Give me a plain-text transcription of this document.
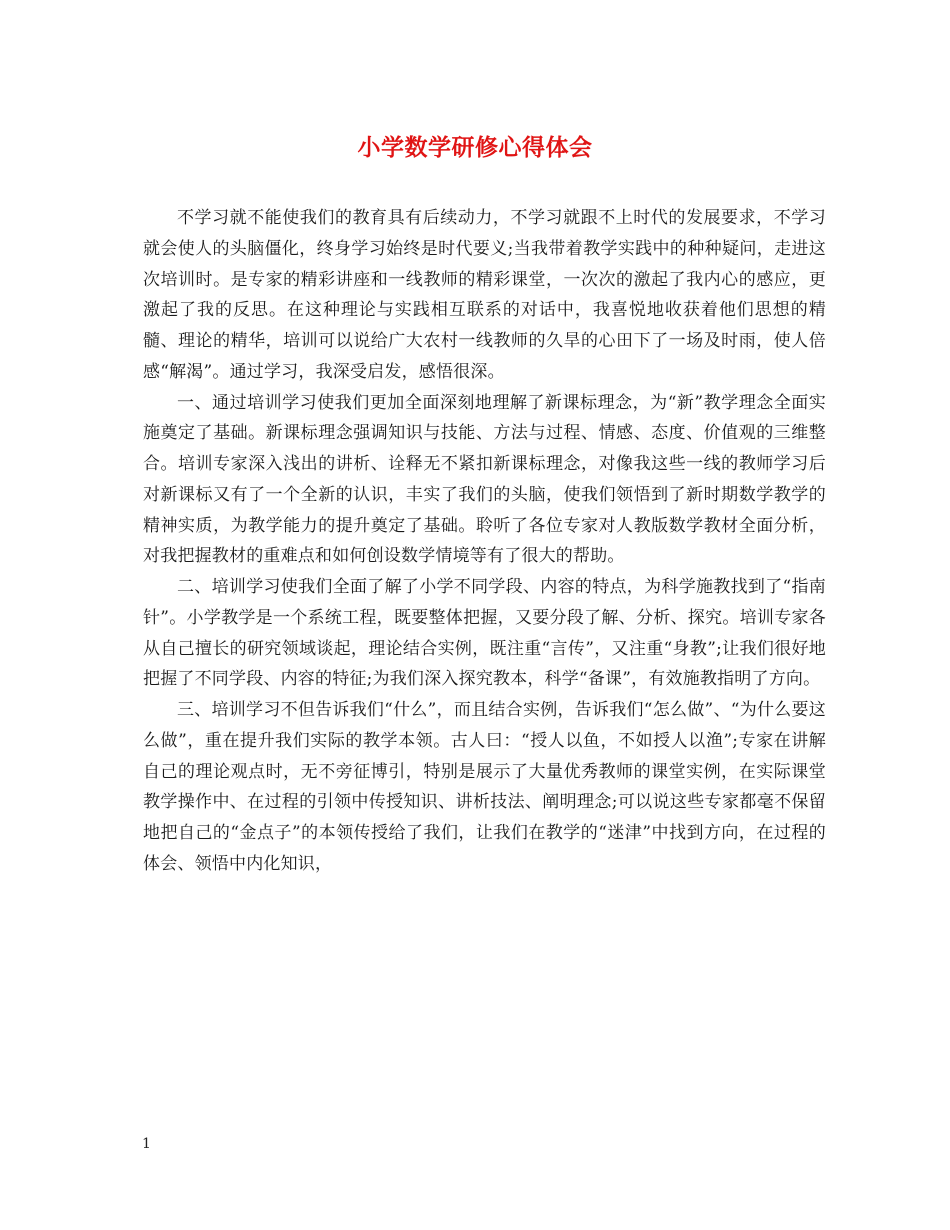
小学数学研修心得体会

不学习就不能使我们的教育具有后续动力，不学习就跟不上时代的发展要求，不学习就会使人的头脑僵化，终身学习始终是时代要义;当我带着教学实践中的种种疑问，走进这次培训时。是专家的精彩讲座和一线教师的精彩课堂，一次次的激起了我内心的感应，更激起了我的反思。在这种理论与实践相互联系的对话中，我喜悦地收获着他们思想的精髓、理论的精华，培训可以说给广大农村一线教师的久旱的心田下了一场及时雨，使人倍感“解渴”。通过学习，我深受启发，感悟很深。

一、通过培训学习使我们更加全面深刻地理解了新课标理念，为“新”教学理念全面实施奠定了基础。新课标理念强调知识与技能、方法与过程、情感、态度、价值观的三维整合。培训专家深入浅出的讲析、诠释无不紧扣新课标理念，对像我这些一线的教师学习后对新课标又有了一个全新的认识，丰实了我们的头脑，使我们领悟到了新时期数学教学的精神实质，为教学能力的提升奠定了基础。聆听了各位专家对人教版数学教材全面分析，对我把握教材的重难点和如何创设数学情境等有了很大的帮助。

二、培训学习使我们全面了解了小学不同学段、内容的特点，为科学施教找到了“指南针”。小学教学是一个系统工程，既要整体把握，又要分段了解、分析、探究。培训专家各从自己擅长的研究领域谈起，理论结合实例，既注重“言传”，又注重“身教”;让我们很好地把握了不同学段、内容的特征;为我们深入探究教本，科学“备课”，有效施教指明了方向。

三、培训学习不但告诉我们“什么”，而且结合实例，告诉我们“怎么做”、“为什么要这么做”，重在提升我们实际的教学本领。古人曰：“授人以鱼，不如授人以渔”;专家在讲解自己的理论观点时，无不旁征博引，特别是展示了大量优秀教师的课堂实例，在实际课堂教学操作中、在过程的引领中传授知识、讲析技法、阐明理念;可以说这些专家都毫不保留地把自己的“金点子”的本领传授给了我们，让我们在教学的“迷津”中找到方向，在过程的体会、领悟中内化知识，

1
